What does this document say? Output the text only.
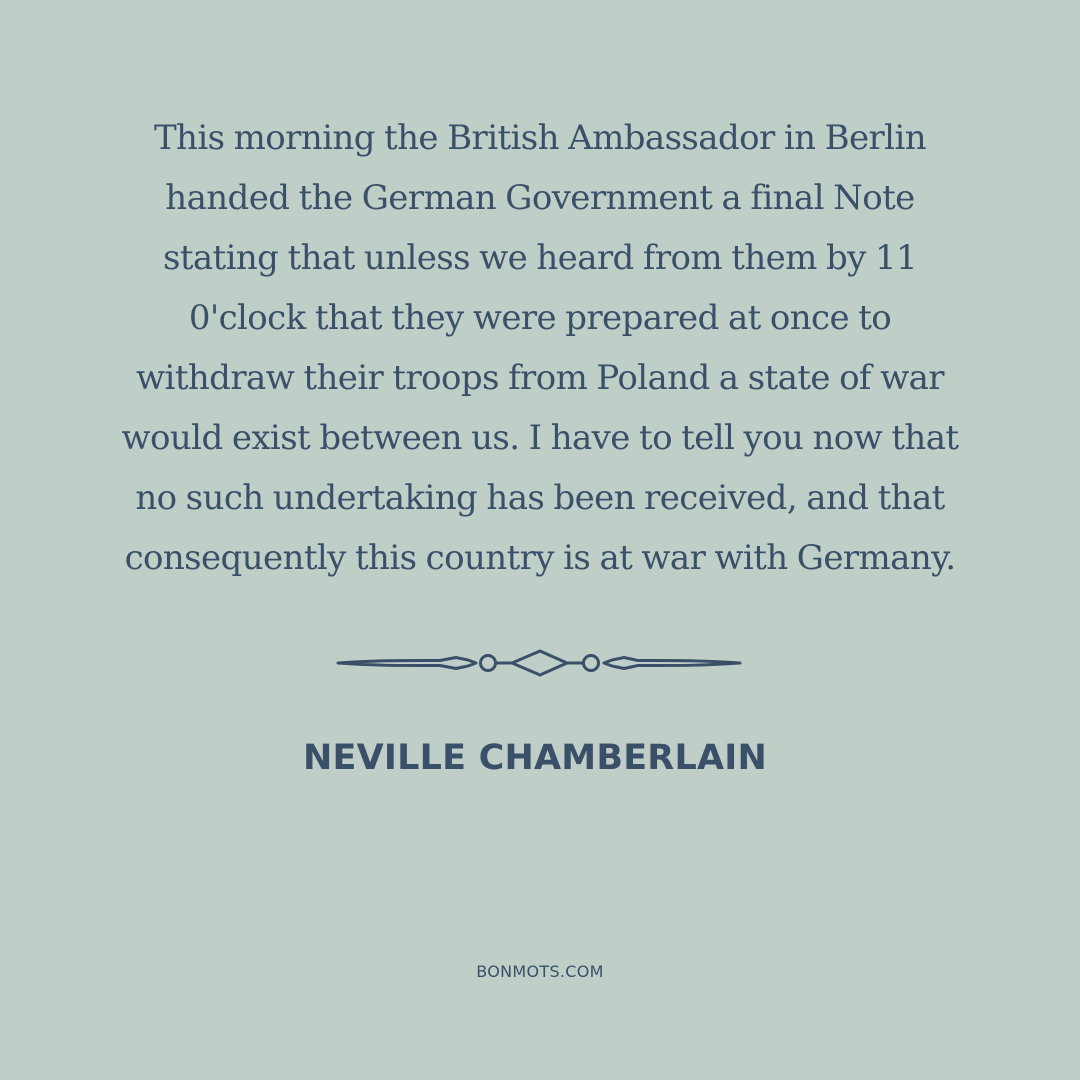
This morning the British Ambassador in Berlin
handed the German Government a final Note
stating that unless we heard from them by 11
0'clock that they were prepared at once to
withdraw their troops from Poland a state of war
would exist between us. I have to tell you now that
no such undertaking has been received, and that
consequently this country is at war with Germany.

NEVILLE CHAMBERLAIN

BONMOTS.COM
